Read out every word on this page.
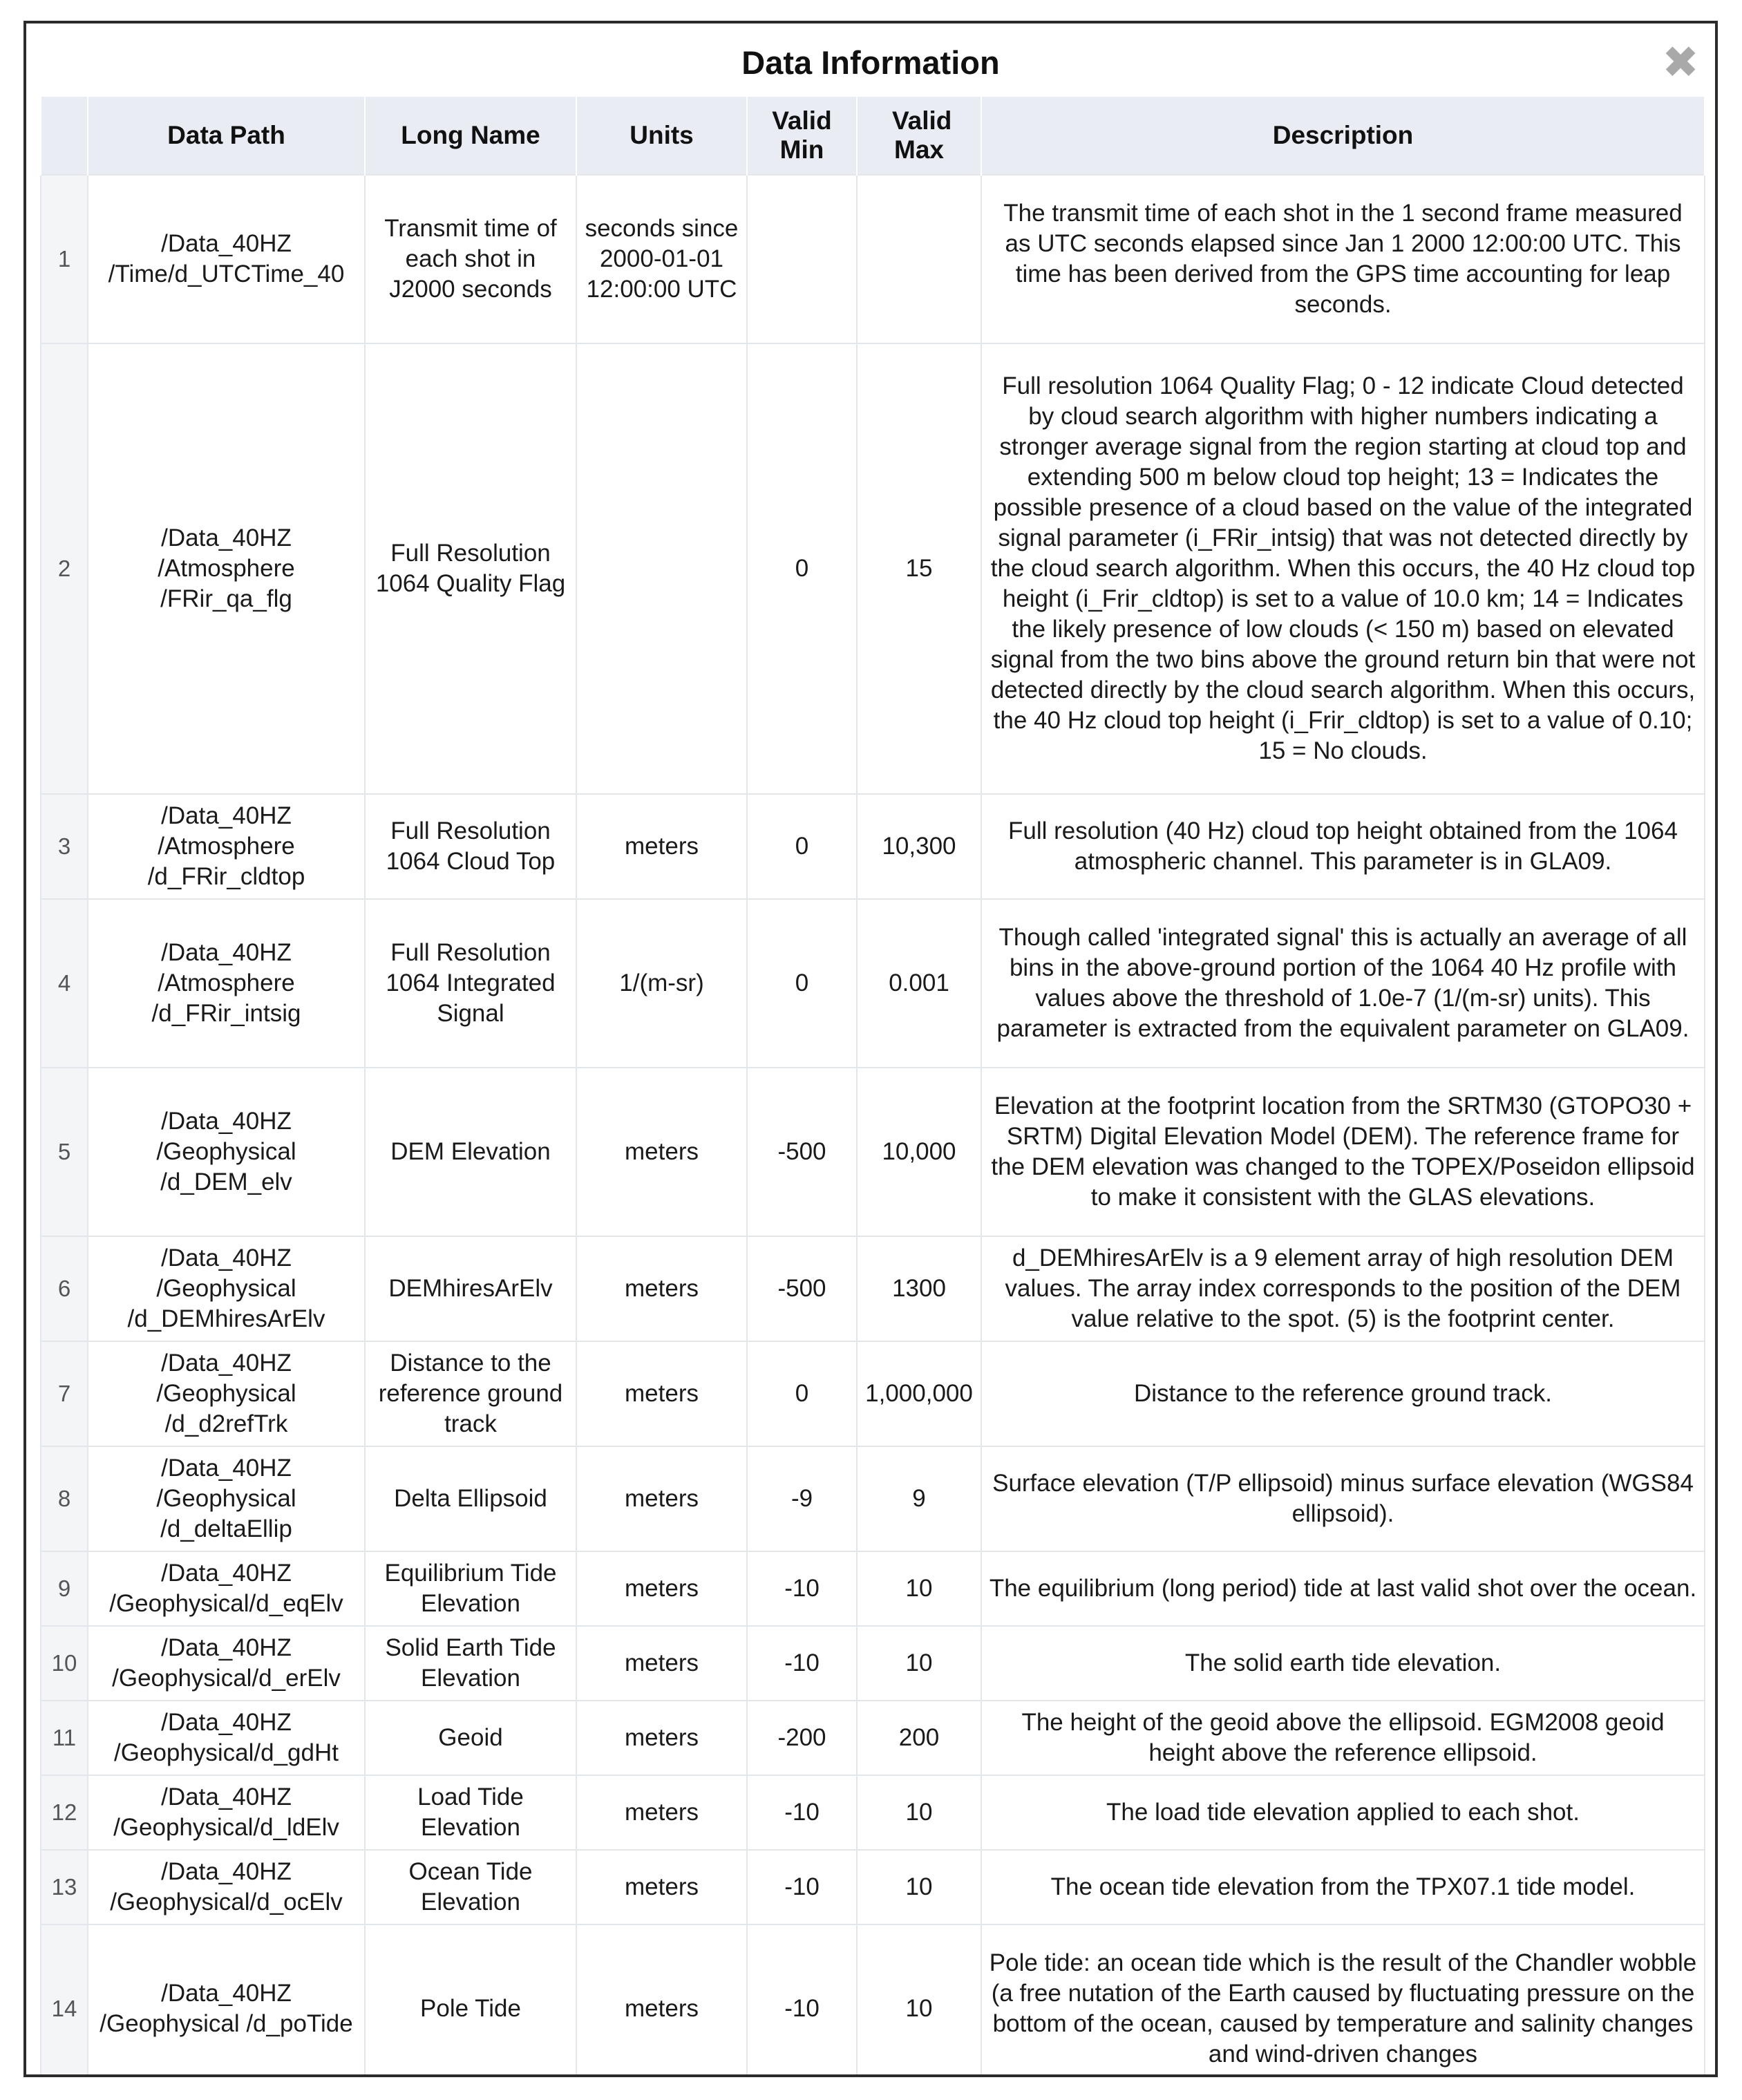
Data Information	✖
	Data Path	Long Name	Units	Valid Min	Valid Max	Description
1	/Data_40HZ /Time/d_UTCTime_40	Transmit time of each shot in J2000 seconds	seconds since 2000-01-01 12:00:00 UTC			The transmit time of each shot in the 1 second frame measured as UTC seconds elapsed since Jan 1 2000 12:00:00 UTC. This time has been derived from the GPS time accounting for leap seconds.
2	/Data_40HZ /Atmosphere /FRir_qa_flg	Full Resolution 1064 Quality Flag		0	15	Full resolution 1064 Quality Flag; 0 - 12 indicate Cloud detected by cloud search algorithm with higher numbers indicating a stronger average signal from the region starting at cloud top and extending 500 m below cloud top height; 13 = Indicates the possible presence of a cloud based on the value of the integrated signal parameter (i_FRir_intsig) that was not detected directly by the cloud search algorithm. When this occurs, the 40 Hz cloud top height (i_Frir_cldtop) is set to a value of 10.0 km; 14 = Indicates the likely presence of low clouds (< 150 m) based on elevated signal from the two bins above the ground return bin that were not detected directly by the cloud search algorithm. When this occurs, the 40 Hz cloud top height (i_Frir_cldtop) is set to a value of 0.10; 15 = No clouds.
3	/Data_40HZ /Atmosphere /d_FRir_cldtop	Full Resolution 1064 Cloud Top	meters	0	10,300	Full resolution (40 Hz) cloud top height obtained from the 1064 atmospheric channel. This parameter is in GLA09.
4	/Data_40HZ /Atmosphere /d_FRir_intsig	Full Resolution 1064 Integrated Signal	1/(m-sr)	0	0.001	Though called 'integrated signal' this is actually an average of all bins in the above-ground portion of the 1064 40 Hz profile with values above the threshold of 1.0e-7 (1/(m-sr) units). This parameter is extracted from the equivalent parameter on GLA09.
5	/Data_40HZ /Geophysical /d_DEM_elv	DEM Elevation	meters	-500	10,000	Elevation at the footprint location from the SRTM30 (GTOPO30 + SRTM) Digital Elevation Model (DEM). The reference frame for the DEM elevation was changed to the TOPEX/Poseidon ellipsoid to make it consistent with the GLAS elevations.
6	/Data_40HZ /Geophysical /d_DEMhiresArElv	DEMhiresArElv	meters	-500	1300	d_DEMhiresArElv is a 9 element array of high resolution DEM values. The array index corresponds to the position of the DEM value relative to the spot. (5) is the footprint center.
7	/Data_40HZ /Geophysical /d_d2refTrk	Distance to the reference ground track	meters	0	1,000,000	Distance to the reference ground track.
8	/Data_40HZ /Geophysical /d_deltaEllip	Delta Ellipsoid	meters	-9	9	Surface elevation (T/P ellipsoid) minus surface elevation (WGS84 ellipsoid).
9	/Data_40HZ /Geophysical/d_eqElv	Equilibrium Tide Elevation	meters	-10	10	The equilibrium (long period) tide at last valid shot over the ocean.
10	/Data_40HZ /Geophysical/d_erElv	Solid Earth Tide Elevation	meters	-10	10	The solid earth tide elevation.
11	/Data_40HZ /Geophysical/d_gdHt	Geoid	meters	-200	200	The height of the geoid above the ellipsoid. EGM2008 geoid height above the reference ellipsoid.
12	/Data_40HZ /Geophysical/d_ldElv	Load Tide Elevation	meters	-10	10	The load tide elevation applied to each shot.
13	/Data_40HZ /Geophysical/d_ocElv	Ocean Tide Elevation	meters	-10	10	The ocean tide elevation from the TPX07.1 tide model.
14	/Data_40HZ /Geophysical /d_poTide	Pole Tide	meters	-10	10	Pole tide: an ocean tide which is the result of the Chandler wobble (a free nutation of the Earth caused by fluctuating pressure on the bottom of the ocean, caused by temperature and salinity changes and wind-driven changes
